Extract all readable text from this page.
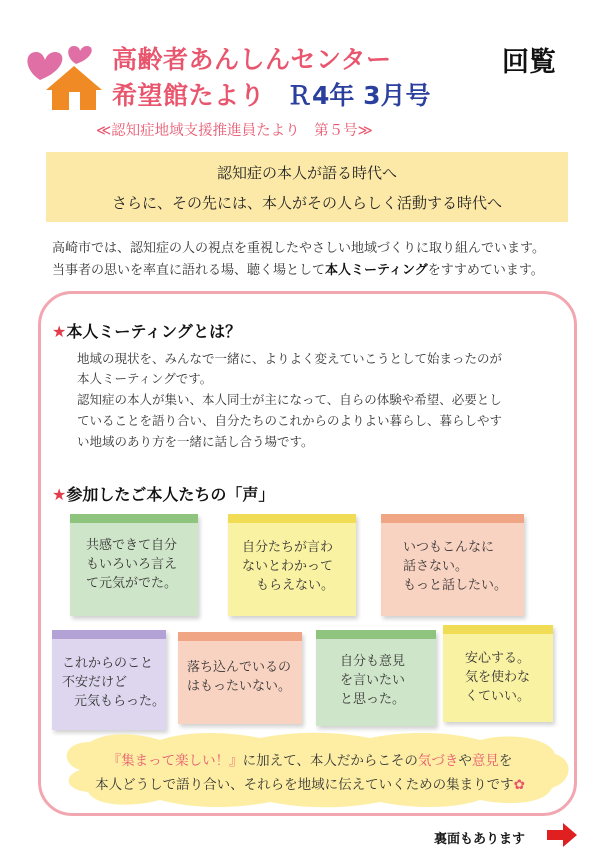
高齢者あんしんセンター
希望館たより Ｒ4年 3月号
回覧
≪認知症地域支援推進員たより　第５号≫
認知症の本人が語る時代へ
さらに、その先には、本人がその人らしく活動する時代へ
高崎市では、認知症の人の視点を重視したやさしい地域づくりに取り組んでいます。
当事者の思いを率直に語れる場、聴く場として本人ミーティングをすすめています。
★本人ミーティングとは？
地域の現状を、みんなで一緒に、よりよく変えていこうとして始まったのが
本人ミーティングです。
認知症の本人が集い、本人同士が主になって、自らの体験や希望、必要とし
ていることを語り合い、自分たちのこれからのよりよい暮らし、暮らしやす
い地域のあり方を一緒に話し合う場です。
★参加したご本人たちの「声」
共感できて自分
もいろいろ言え
て元気がでた。
自分たちが言わ
ないとわかって
もらえない。
いつもこんなに
話さない。
もっと話したい。
これからのこと
不安だけど
元気もらった。
落ち込んでいるの
はもったいない。
自分も意見
を言いたい
と思った。
安心する。
気を使わな
くていい。
『集まって楽しい！』に加えて、本人だからこその気づきや意見を
本人どうしで語り合い、それらを地域に伝えていくための集まりです✿
裏面もあります
